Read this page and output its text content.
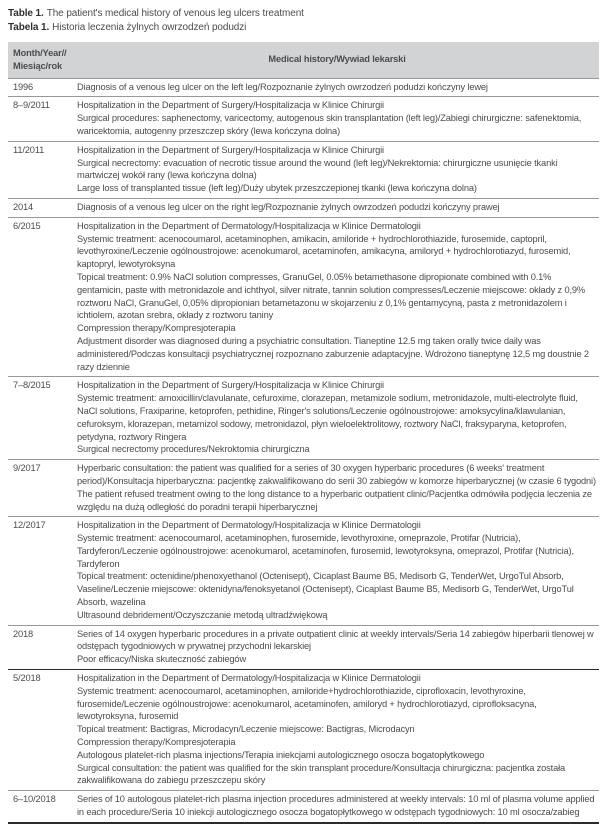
Table 1. The patient's medical history of venous leg ulcers treatment
Tabela 1. Historia leczenia żylnych owrzodzeń podudzi
Month/Year//
Miesiąc/rok	Medical history/Wywiad lekarski
1996	Diagnosis of a venous leg ulcer on the left leg/Rozpoznanie żylnych owrzodzeń podudzi kończyny lewej

8–9/2011	Hospitalization in the Department of Surgery/Hospitalizacja w Klinice Chirurgii
Surgical procedures: saphenectomy, varicectomy, autogenous skin transplantation (left leg)/Zabiegi chirurgiczne: safenektomia, waricektomia, autogenny przeszczep skóry (lewa kończyna dolna)

11/2011	Hospitalization in the Department of Surgery/Hospitalizacja w Klinice Chirurgii
Surgical necrectomy: evacuation of necrotic tissue around the wound (left leg)/Nekrektomia: chirurgiczne usunięcie tkanki martwiczej wokół rany (lewa kończyna dolna)
Large loss of transplanted tissue (left leg)/Duży ubytek przeszczepionej tkanki (lewa kończyna dolna)

2014	Diagnosis of a venous leg ulcer on the right leg/Rozpoznanie żylnych owrzodzeń podudzi kończyny prawej

6/2015	Hospitalization in the Department of Dermatology/Hospitalizacja w Klinice Dermatologii
Systemic treatment: acenocoumarol, acetaminophen, amikacin, amiloride + hydrochlorothiazide, furosemide, captopril, levothyroxine/Leczenie ogólnoustrojowe: acenokumarol, acetaminofen, amikacyna, amiloryd + hydrochlorotiazyd, furosemid, kaptopryl, lewotyroksyna
Topical treatment: 0.9% NaCl solution compresses, GranuGel, 0.05% betamethasone dipropionate combined with 0.1% gentamicin, paste with metronidazole and ichthyol, silver nitrate, tannin solution compresses/Leczenie miejscowe: okłady z 0,9% roztworu NaCl, GranuGel, 0,05% dipropionian betametazonu w skojarzeniu z 0,1% gentamycyną, pasta z metronidazolem i ichtiolem, azotan srebra, okłady z roztworu taniny
Compression therapy/Kompresjoterapia
Adjustment disorder was diagnosed during a psychiatric consultation. Tianeptine 12.5 mg taken orally twice daily was administered/Podczas konsultacji psychiatrycznej rozpoznano zaburzenie adaptacyjne. Wdrożono tianeptynę 12,5 mg doustnie 2 razy dziennie

7–8/2015	Hospitalization in the Department of Surgery/Hospitalizacja w Klinice Chirurgii
Systemic treatment: amoxicillin/clavulanate, cefuroxime, clorazepan, metamizole sodium, metronidazole, multi-electrolyte fluid, NaCl solutions, Fraxiparine, ketoprofen, pethidine, Ringer's solutions/Leczenie ogólnoustrojowe: amoksycylina/klawulanian, cefuroksym, klorazepan, metamizol sodowy, metronidazol, płyn wieloelektrolitowy, roztwory NaCl, fraksyparyna, ketoprofen, petydyna, roztwory Ringera
Surgical necrectomy procedures/Nekroktomia chirurgiczna

9/2017	Hyperbaric consultation: the patient was qualified for a series of 30 oxygen hyperbaric procedures (6 weeks' treatment period)/Konsultacja hiperbaryczna: pacjentkę zakwalifikowano do serii 30 zabiegów w komorze hiperbarycznej (w czasie 6 tygodni)
The patient refused treatment owing to the long distance to a hyperbaric outpatient clinic/Pacjentka odmówiła podjęcia leczenia ze względu na dużą odległość do poradni terapii hiperbarycznej

12/2017	Hospitalization in the Department of Dermatology/Hospitalizacja w Klinice Dermatologii
Systemic treatment: acenocoumarol, acetaminophen, furosemide, levothyroxine, omeprazole, Protifar (Nutricia), Tardyferon/Leczenie ogólnoustrojowe: acenokumarol, acetaminofen, furosemid, lewotyroksyna, omeprazol, Protifar (Nutricia), Tardyferon
Topical treatment: octenidine/phenoxyethanol (Octenisept), Cicaplast Baume B5, Medisorb G, TenderWet, UrgoTul Absorb, Vaseline/Leczenie miejscowe: oktenidyna/fenoksyetanol (Octenisept), Cicaplast Baume B5, Medisorb G, TenderWet, UrgoTul Absorb, wazelina
Ultrasound debridement/Oczyszczanie metodą ultradźwiękową

2018	Series of 14 oxygen hyperbaric procedures in a private outpatient clinic at weekly intervals/Seria 14 zabiegów hiperbarii tlenowej w odstępach tygodniowych w prywatnej przychodni lekarskiej
Poor efficacy/Niska skuteczność zabiegów

5/2018	Hospitalization in the Department of Dermatology/Hospitalizacja w Klinice Dermatologii
Systemic treatment: acenocoumarol, acetaminophen, amiloride+hydrochlorothiazide, ciprofloxacin, levothyroxine, furosemide/Leczenie ogólnoustrojowe: acenokumarol, acetaminofen, amiloryd + hydrochlorotiazyd, ciprofloksacyna, lewotyroksyna, furosemid
Topical treatment: Bactigras, Microdacyn/Leczenie miejscowe: Bactigras, Microdacyn
Compression therapy/Kompresjoterapia
Autologous platelet-rich plasma injections/Terapia iniekcjami autologicznego osocza bogatopłytkowego
Surgical consultation: the patient was qualified for the skin transplant procedure/Konsultacja chirurgiczna: pacjentka została zakwalifikowana do zabiegu przeszczepu skóry

6–10/2018	Series of 10 autologous platelet-rich plasma injection procedures administered at weekly intervals: 10 ml of plasma volume applied in each procedure/Seria 10 iniekcji autologicznego osocza bogatopłytkowego w odstępach tygodniowych: 10 ml osocza/zabieg
